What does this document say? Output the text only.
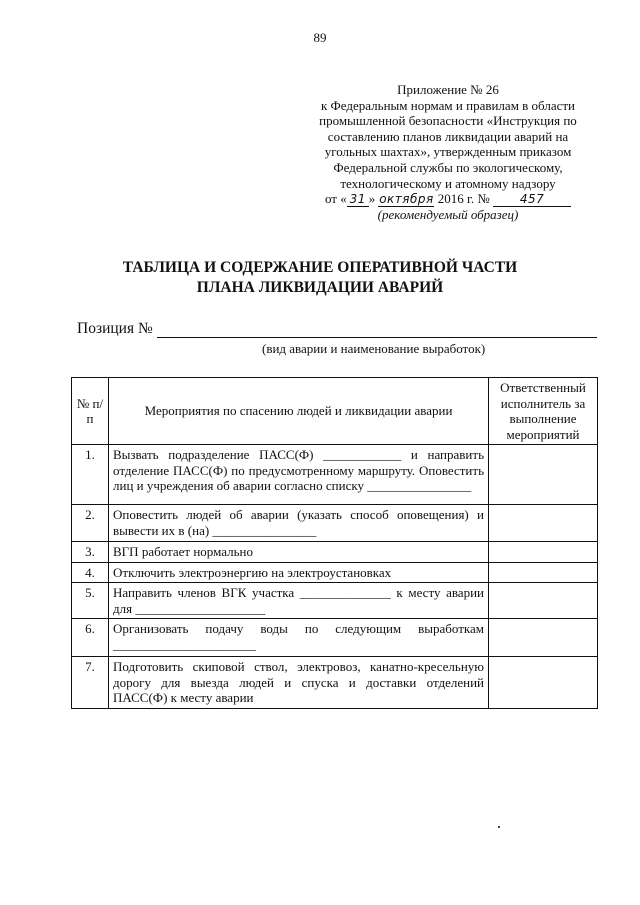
89
Приложение № 26
к Федеральным нормам и правилам в области
промышленной безопасности «Инструкция по
составлению планов ликвидации аварий на
угольных шахтах», утвержденным приказом
Федеральной службы по экологическому,
технологическому и атомному надзору
от « 31 » октября 2016 г. № 457
(рекомендуемый образец)
ТАБЛИЦА И СОДЕРЖАНИЕ ОПЕРАТИВНОЙ ЧАСТИ
ПЛАНА ЛИКВИДАЦИИ АВАРИЙ
Позиция №
(вид аварии и наименование выработок)
№ п/п	Мероприятия по спасению людей и ликвидации аварии	Ответственный исполнитель за выполнение мероприятий
1.	Вызвать подразделение ПАСС(Ф) ____________ и направить отделение ПАСС(Ф) по предусмотренному маршруту. Оповестить лиц и учреждения об аварии согласно списку ________________	
2.	Оповестить людей об аварии (указать способ оповещения) и вывести их в (на) ________________	
3.	ВГП работает нормально	
4.	Отключить электроэнергию на электроустановках	
5.	Направить членов ВГК участка ______________ к месту аварии для ____________________	
6.	Организовать подачу воды по следующим выработкам ______________________	
7.	Подготовить скиповой ствол, электровоз, канатно-кресельную дорогу для выезда людей и спуска и доставки отделений ПАСС(Ф) к месту аварии	
